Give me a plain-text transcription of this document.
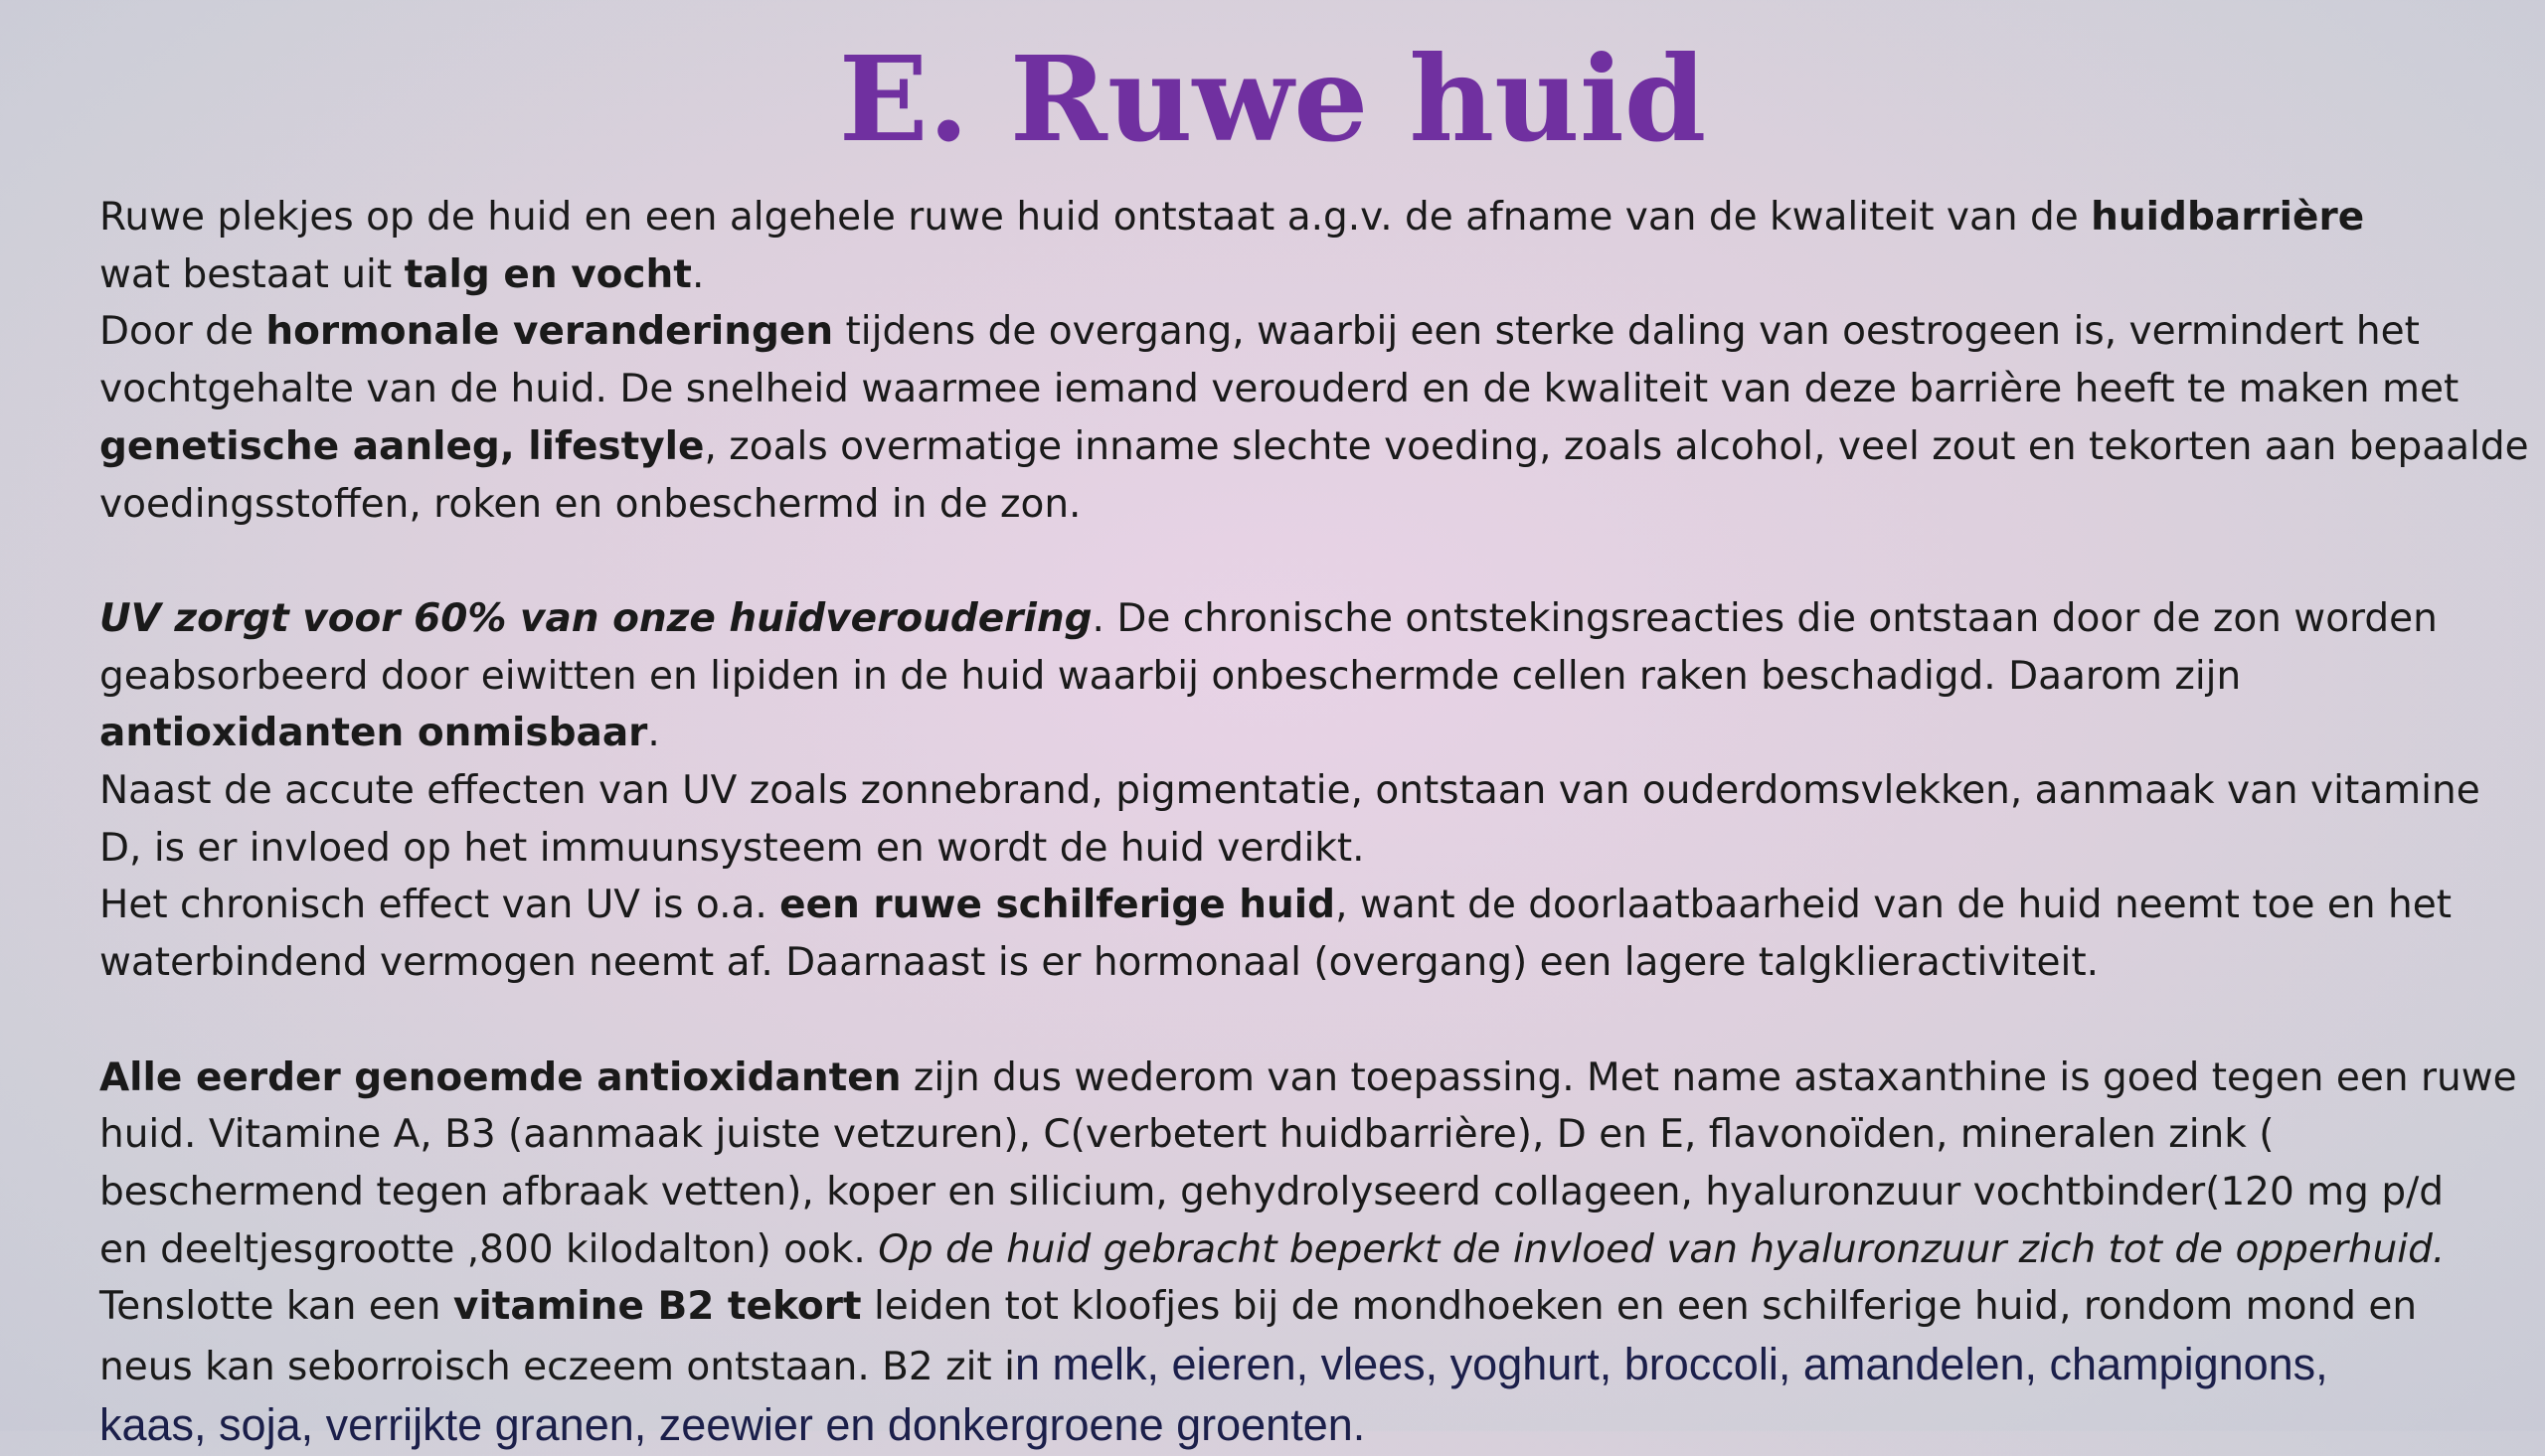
E. Ruwe huid

Ruwe plekjes op de huid en een algehele ruwe huid ontstaat a.g.v. de afname van de kwaliteit van de huidbarrière

wat bestaat uit talg en vocht.

Door de hormonale veranderingen tijdens de overgang, waarbij een sterke daling van oestrogeen is, vermindert het

vochtgehalte van de huid. De snelheid waarmee iemand verouderd en de kwaliteit van deze barrière heeft te maken met

genetische aanleg, lifestyle, zoals overmatige inname slechte voeding, zoals alcohol, veel zout en tekorten aan bepaalde

voedingsstoffen, roken en onbeschermd in de zon.

UV zorgt voor 60% van onze huidveroudering. De chronische ontstekingsreacties die ontstaan door de zon worden

geabsorbeerd door eiwitten en lipiden in de huid waarbij onbeschermde cellen raken beschadigd. Daarom zijn

antioxidanten onmisbaar.

Naast de accute effecten van UV zoals zonnebrand, pigmentatie, ontstaan van ouderdomsvlekken, aanmaak van vitamine

D, is er invloed op het immuunsysteem en wordt de huid verdikt.

Het chronisch effect van UV is o.a. een ruwe schilferige huid, want de doorlaatbaarheid van de huid neemt toe en het

waterbindend vermogen neemt af. Daarnaast is er hormonaal (overgang) een lagere talgklieractiviteit.

Alle eerder genoemde antioxidanten zijn dus wederom van toepassing. Met name astaxanthine is goed tegen een ruwe

huid. Vitamine A, B3 (aanmaak juiste vetzuren), C(verbetert huidbarrière), D en E, flavonoïden, mineralen zink (

beschermend tegen afbraak vetten), koper en silicium, gehydrolyseerd collageen, hyaluronzuur vochtbinder(120 mg p/d

en deeltjesgrootte ,800 kilodalton) ook. Op de huid gebracht beperkt de invloed van hyaluronzuur zich tot de opperhuid.

Tenslotte kan een vitamine B2 tekort leiden tot kloofjes bij de mondhoeken en een schilferige huid, rondom mond en

neus kan seborroisch eczeem ontstaan. B2 zit in melk, eieren, vlees, yoghurt, broccoli, amandelen, champignons,

kaas, soja, verrijkte granen, zeewier en donkergroene groenten.
